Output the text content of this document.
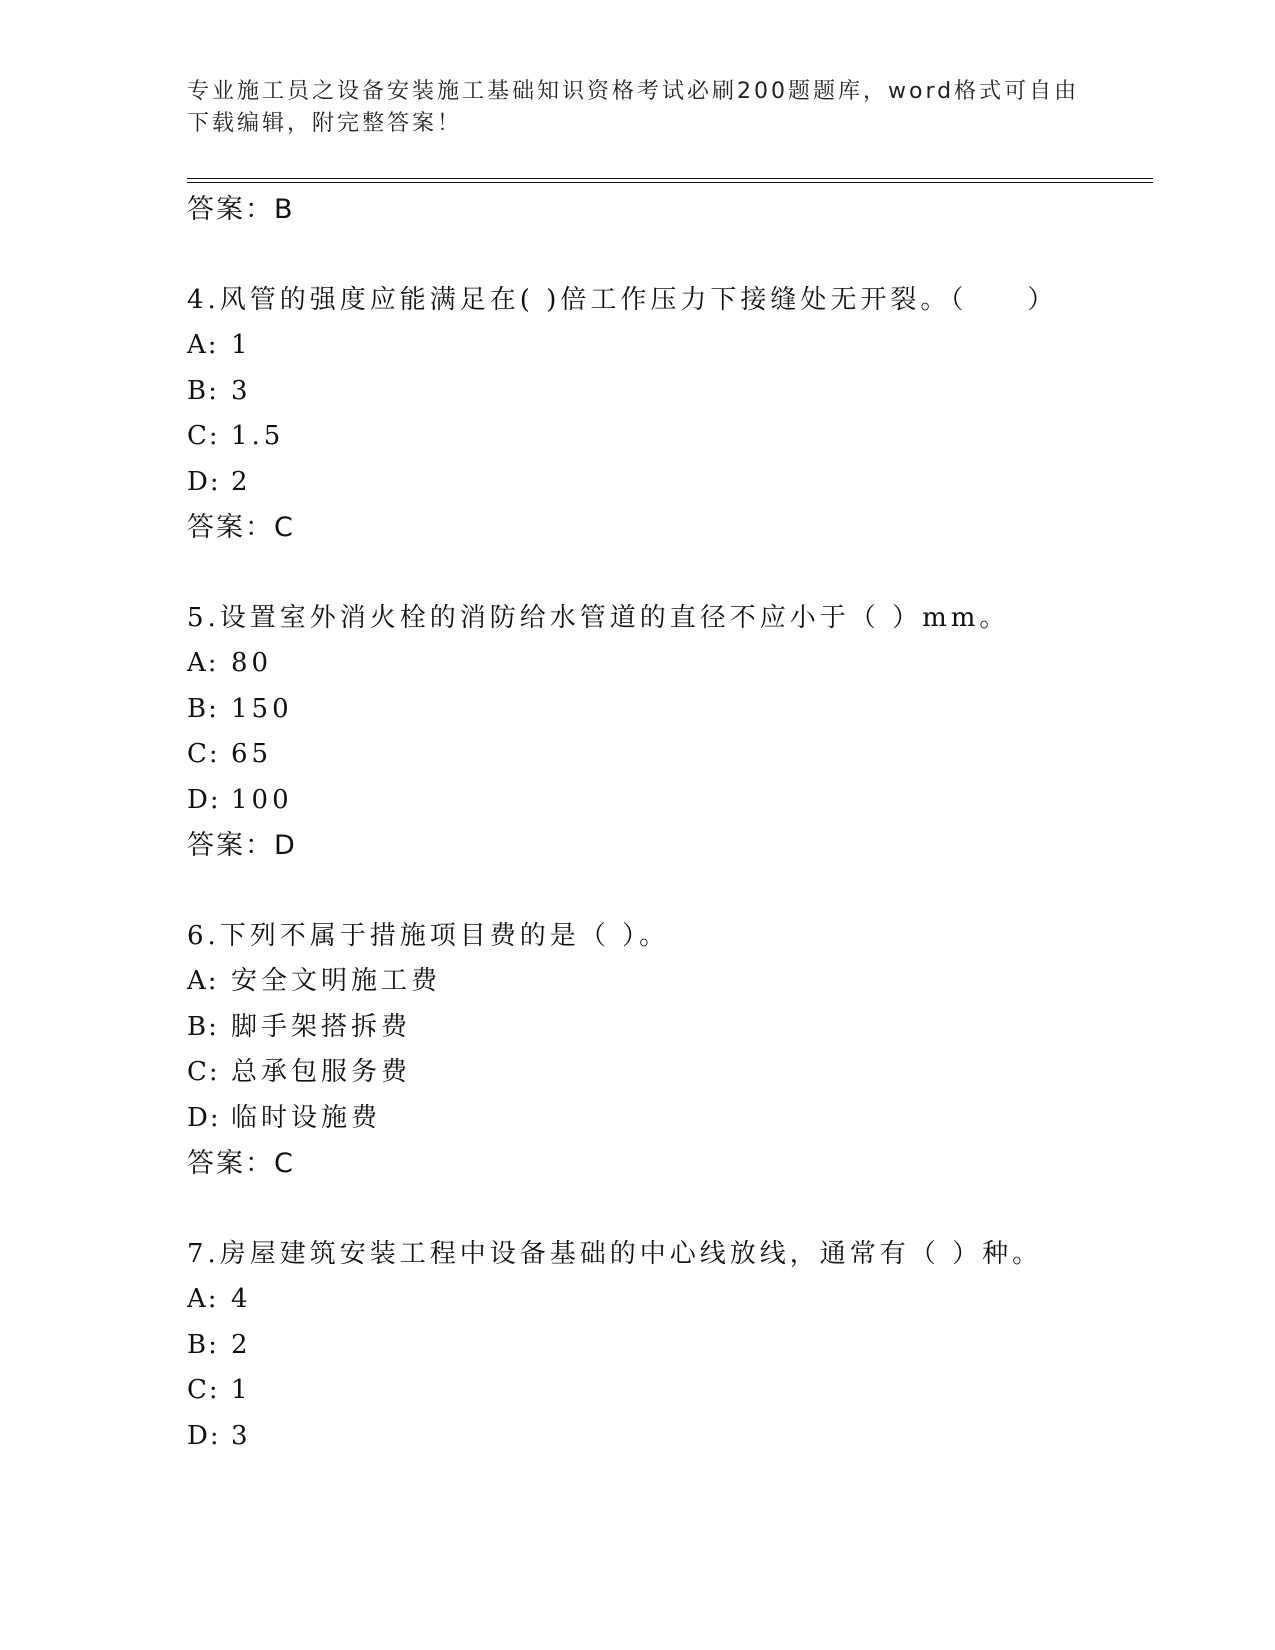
专业施工员之设备安装施工基础知识资格考试必刷200题题库，word格式可自由
下载编辑，附完整答案！
答案：B
4.风管的强度应能满足在( )倍工作压力下接缝处无开裂。（　　）
A: 1
B: 3
C: 1.5
D: 2
答案：C
5.设置室外消火栓的消防给水管道的直径不应小于（ ）mm。
A: 80
B: 150
C: 65
D: 100
答案：D
6.下列不属于措施项目费的是（ ）。
A: 安全文明施工费
B: 脚手架搭拆费
C: 总承包服务费
D: 临时设施费
答案：C
7.房屋建筑安装工程中设备基础的中心线放线，通常有（ ）种。
A: 4
B: 2
C: 1
D: 3
